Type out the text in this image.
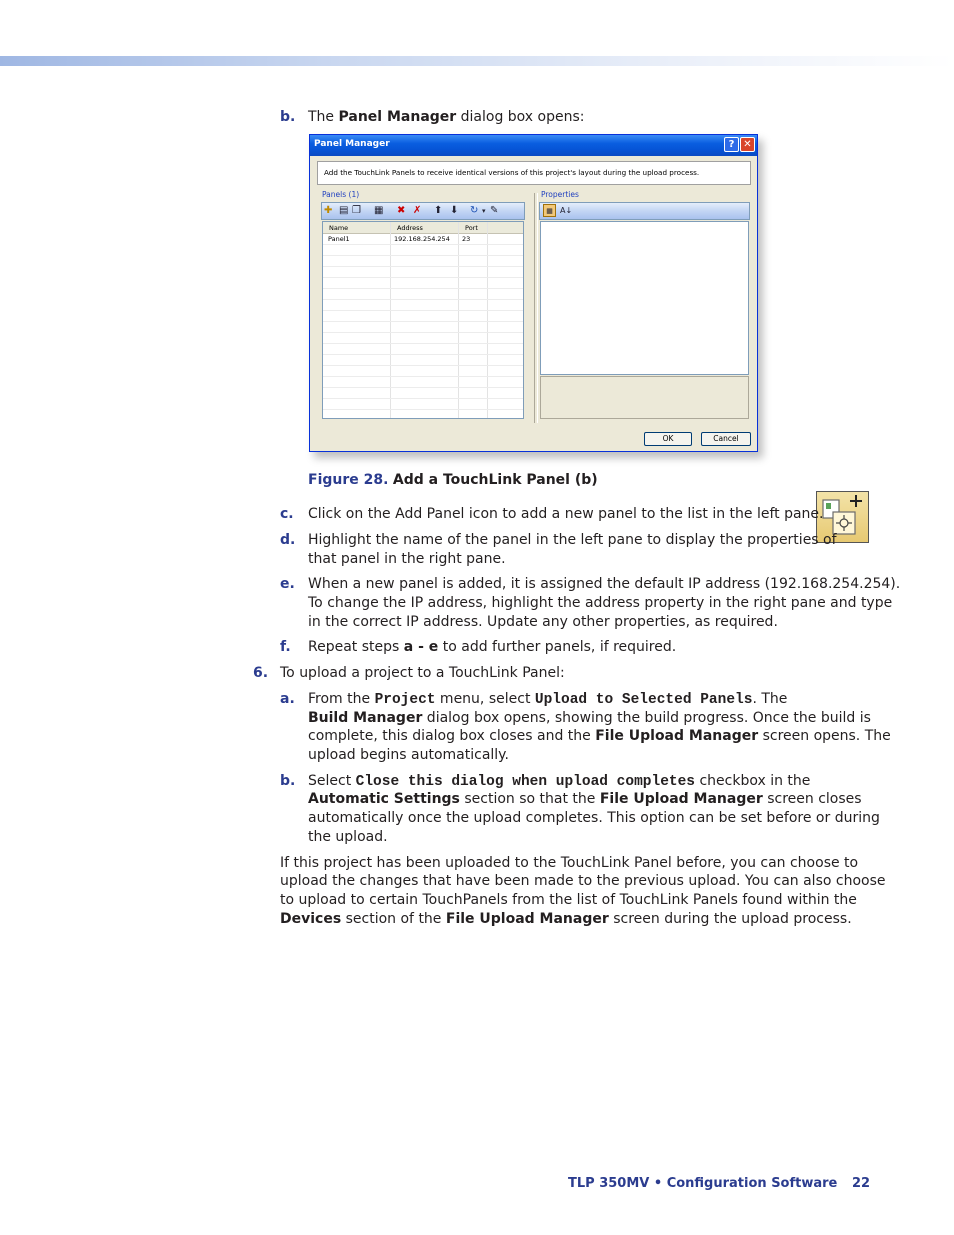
b. The Panel Manager dialog box opens:
Panel Manager	? ✕
Add the TouchLink Panels to receive identical versions of this project's layout during the upload process.
Panels (1)	Properties
✚ ▤ ❐ ▦ ✖ ✗ ⬆ ⬇ ↻ ▾ ✎	▦ A↓
Name	Address	Port
Panel1	192.168.254.254 23
OK	Cancel
Figure 28. Add a TouchLink Panel (b)
c. Click on the Add Panel icon to add a new panel to the list in the left pane.
d. Highlight the name of the panel in the left pane to display the properties of
that panel in the right pane.
e. When a new panel is added, it is assigned the default IP address (192.168.254.254).
To change the IP address, highlight the address property in the right pane and type
in the correct IP address. Update any other properties, as required.
f. Repeat steps a - e to add further panels, if required.
6. To upload a project to a TouchLink Panel:
a. From the Project menu, select Upload to Selected Panels. The
Build Manager dialog box opens, showing the build progress. Once the build is
complete, this dialog box closes and the File Upload Manager screen opens. The
upload begins automatically.
b. Select Close this dialog when upload completes checkbox in the
Automatic Settings section so that the File Upload Manager screen closes
automatically once the upload completes. This option can be set before or during
the upload.
If this project has been uploaded to the TouchLink Panel before, you can choose to
upload the changes that have been made to the previous upload. You can also choose
to upload to certain TouchPanels from the list of TouchLink Panels found within the
Devices section of the File Upload Manager screen during the upload process.
TLP 350MV • Configuration Software 22
